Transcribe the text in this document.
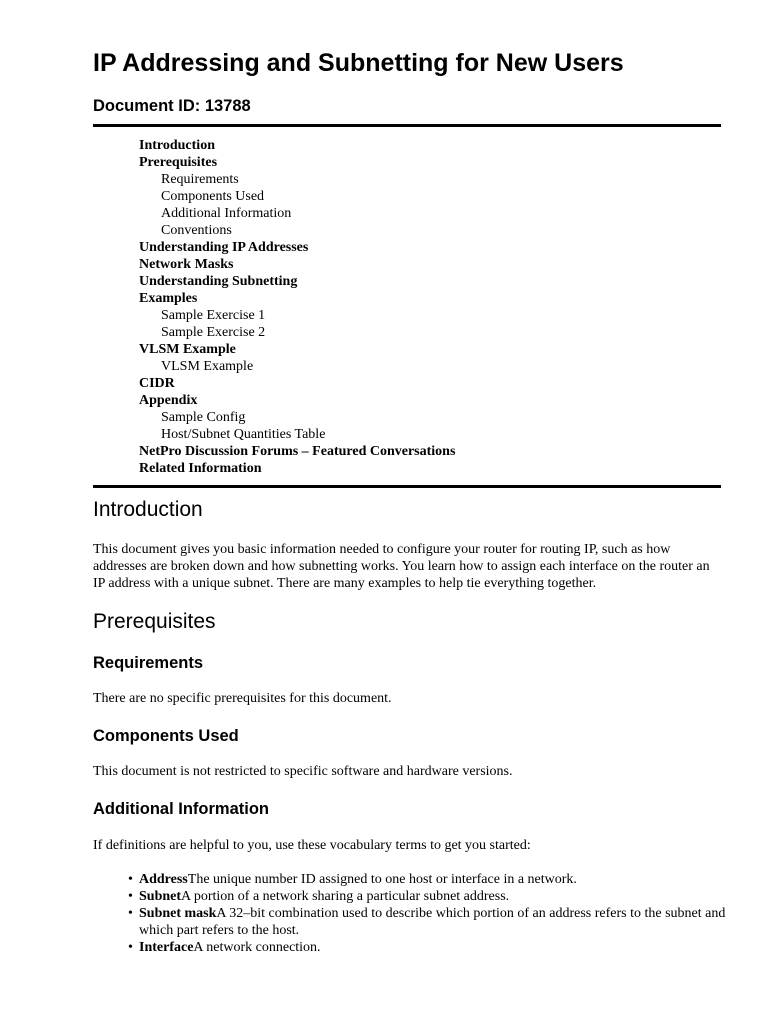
IP Addressing and Subnetting for New Users
Document ID: 13788
Introduction
Prerequisites
Requirements
Components Used
Additional Information
Conventions
Understanding IP Addresses
Network Masks
Understanding Subnetting
Examples
Sample Exercise 1
Sample Exercise 2
VLSM Example
VLSM Example
CIDR
Appendix
Sample Config
Host/Subnet Quantities Table
NetPro Discussion Forums – Featured Conversations
Related Information
Introduction

This document gives you basic information needed to configure your router for routing IP, such as how addresses are broken down and how subnetting works. You learn how to assign each interface on the router an IP address with a unique subnet. There are many examples to help tie everything together.

Prerequisites
Requirements

There are no specific prerequisites for this document.

Components Used

This document is not restricted to specific software and hardware versions.

Additional Information

If definitions are helpful to you, use these vocabulary terms to get you started:

• AddressThe unique number ID assigned to one host or interface in a network.
• SubnetA portion of a network sharing a particular subnet address.
• Subnet maskA 32–bit combination used to describe which portion of an address refers to the subnet and which part refers to the host.
• InterfaceA network connection.
